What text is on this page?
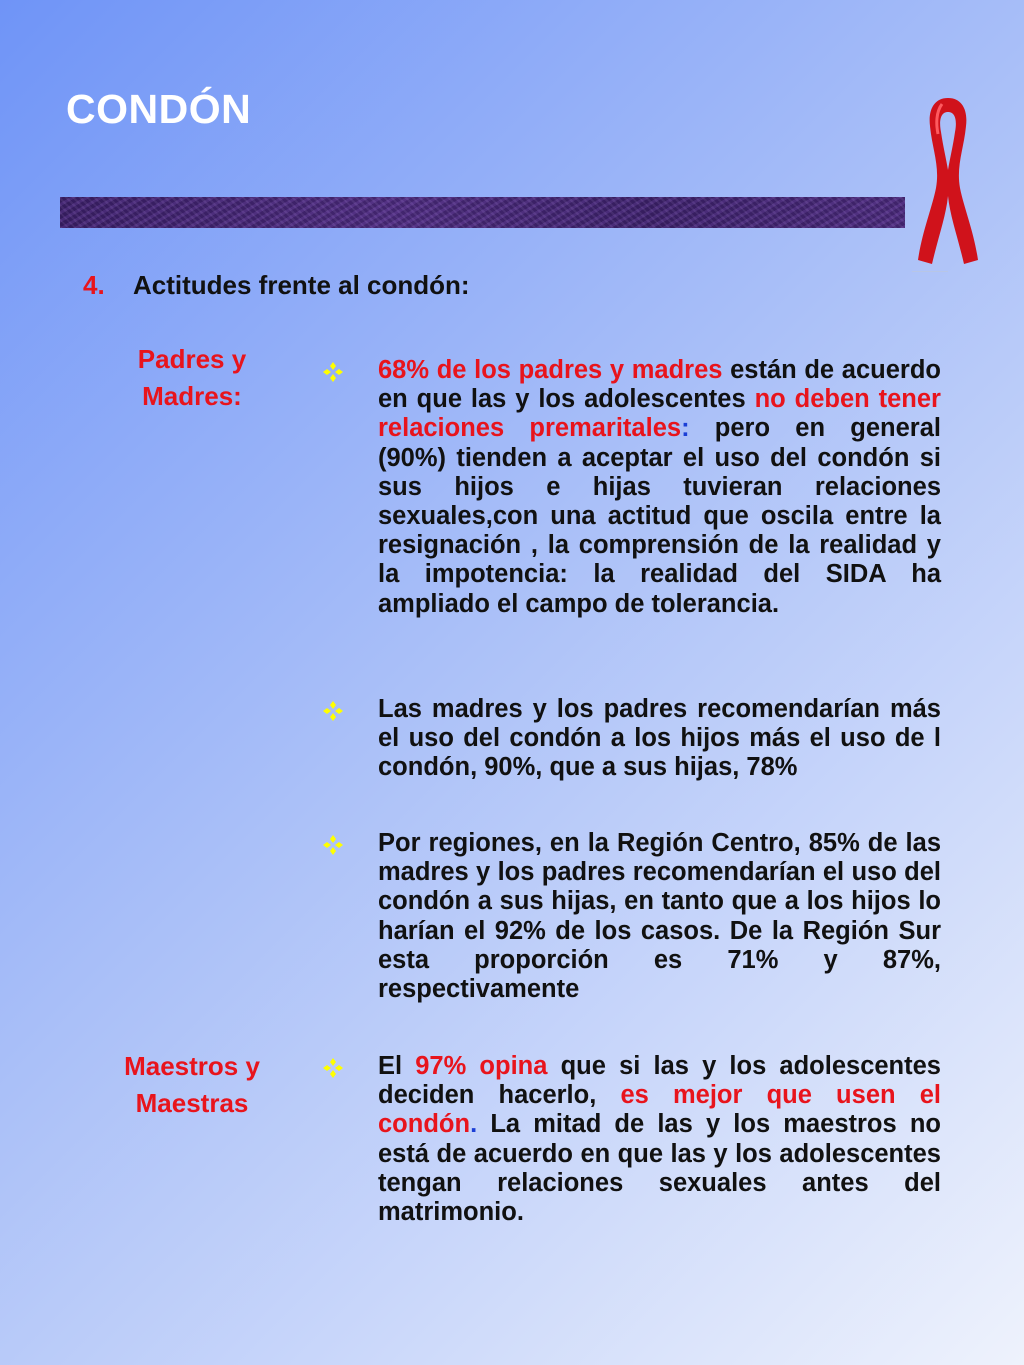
CONDÓN
4. Actitudes frente al condón:
Padres y
Madres:
Maestros y
Maestras
68% de los padres y madres están de acuerdo en que las y los adolescentes no deben tener relaciones premaritales: pero en general (90%) tienden a aceptar el uso del condón si sus hijos e hijas tuvieran relaciones sexuales,con una actitud que oscila entre la resignación , la comprensión de la realidad y la impotencia: la realidad del SIDA ha ampliado el campo de tolerancia.
Las madres y los padres recomendarían más el uso del condón a los hijos más el uso de l condón, 90%, que a sus hijas, 78%
Por regiones, en la Región Centro, 85% de las madres y los padres recomendarían el uso del condón a sus hijas, en tanto que a los hijos lo harían el 92% de los casos. De la Región Sur esta proporción es 71% y 87%, respectivamente
El 97% opina que si las y los adolescentes deciden hacerlo, es mejor que usen el condón. La mitad de las y los maestros no está de acuerdo en que las y los adolescentes tengan relaciones sexuales antes del matrimonio.
